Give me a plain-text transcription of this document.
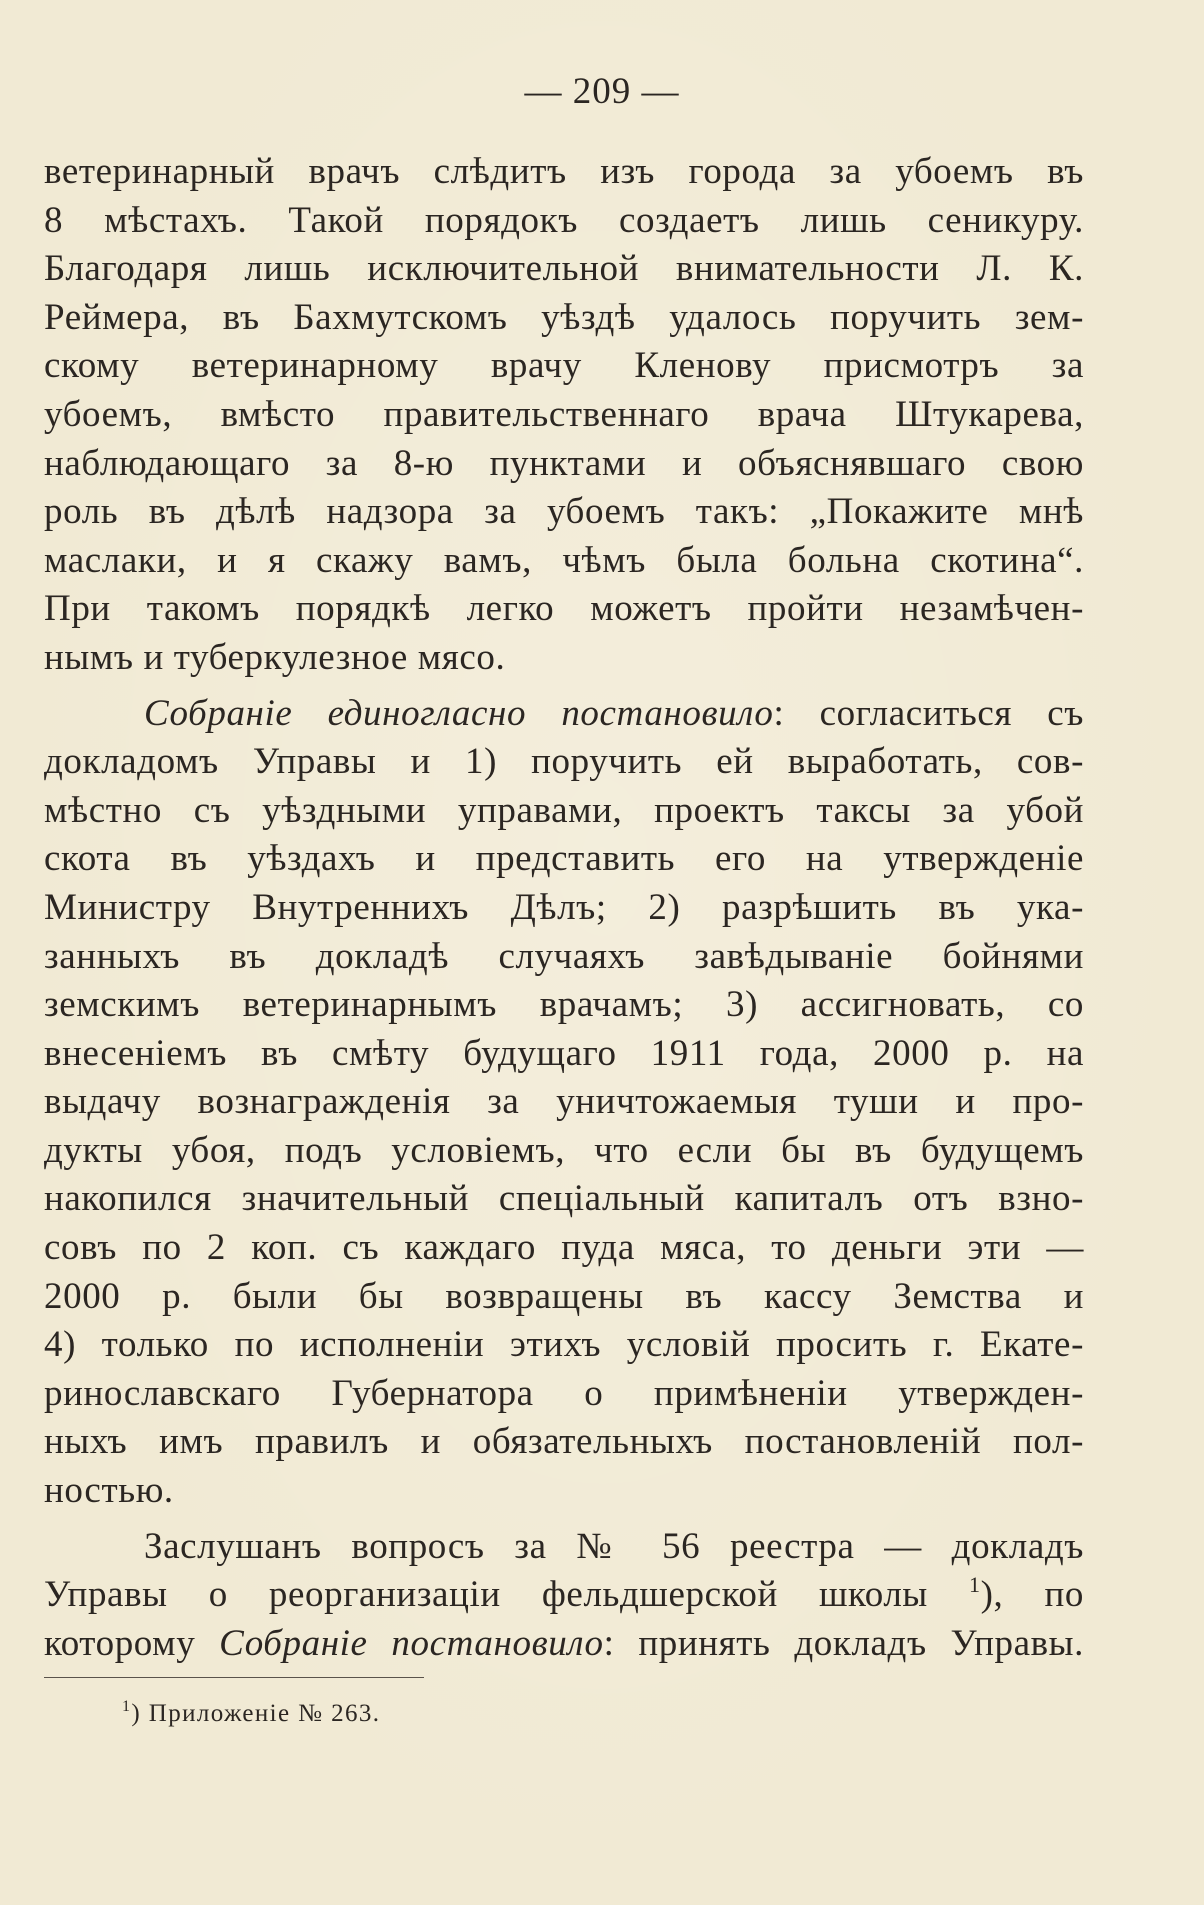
— 209 —
ветеринарный врачъ слѣдитъ изъ города за убоемъ въ
8 мѣстахъ. Такой порядокъ создаетъ лишь сеникуру.
Благодаря лишь исключительной внимательности Л. К.
Реймера, въ Бахмутскомъ уѣздѣ удалось поручить зем-
скому ветеринарному врачу Кленову присмотръ за
убоемъ, вмѣсто правительственнаго врача Штукарева,
наблюдающаго за 8-ю пунктами и объяснявшаго свою
роль въ дѣлѣ надзора за убоемъ такъ: „Покажите мнѣ
маслаки, и я скажу вамъ, чѣмъ была больна скотина“.
При такомъ порядкѣ легко можетъ пройти незамѣчен-
нымъ и туберкулезное мясо.
Собраніе единогласно постановило: согласиться съ
докладомъ Управы и 1) поручить ей выработать, сов-
мѣстно съ уѣздными управами, проектъ таксы за убой
скота въ уѣздахъ и представить его на утвержденіе
Министру Внутреннихъ Дѣлъ; 2) разрѣшить въ ука-
занныхъ въ докладѣ случаяхъ завѣдываніе бойнями
земскимъ ветеринарнымъ врачамъ; 3) ассигновать, со
внесеніемъ въ смѣту будущаго 1911 года, 2000 р. на
выдачу вознагражденія за уничтожаемыя туши и про-
дукты убоя, подъ условіемъ, что если бы въ будущемъ
накопился значительный спеціальный капиталъ отъ взно-
совъ по 2 коп. съ каждаго пуда мяса, то деньги эти —
2000 р. были бы возвращены въ кассу Земства и
4) только по исполненіи этихъ условій просить г. Екате-
ринославскаго Губернатора о примѣненіи утвержден-
ныхъ имъ правилъ и обязательныхъ постановленій пол-
ностью.
Заслушанъ вопросъ за № 56 реестра — докладъ
Управы о реорганизаціи фельдшерской школы $^1$), по
которому Собраніе постановило: принять докладъ Управы.
$^1$) Приложеніе № 263.
